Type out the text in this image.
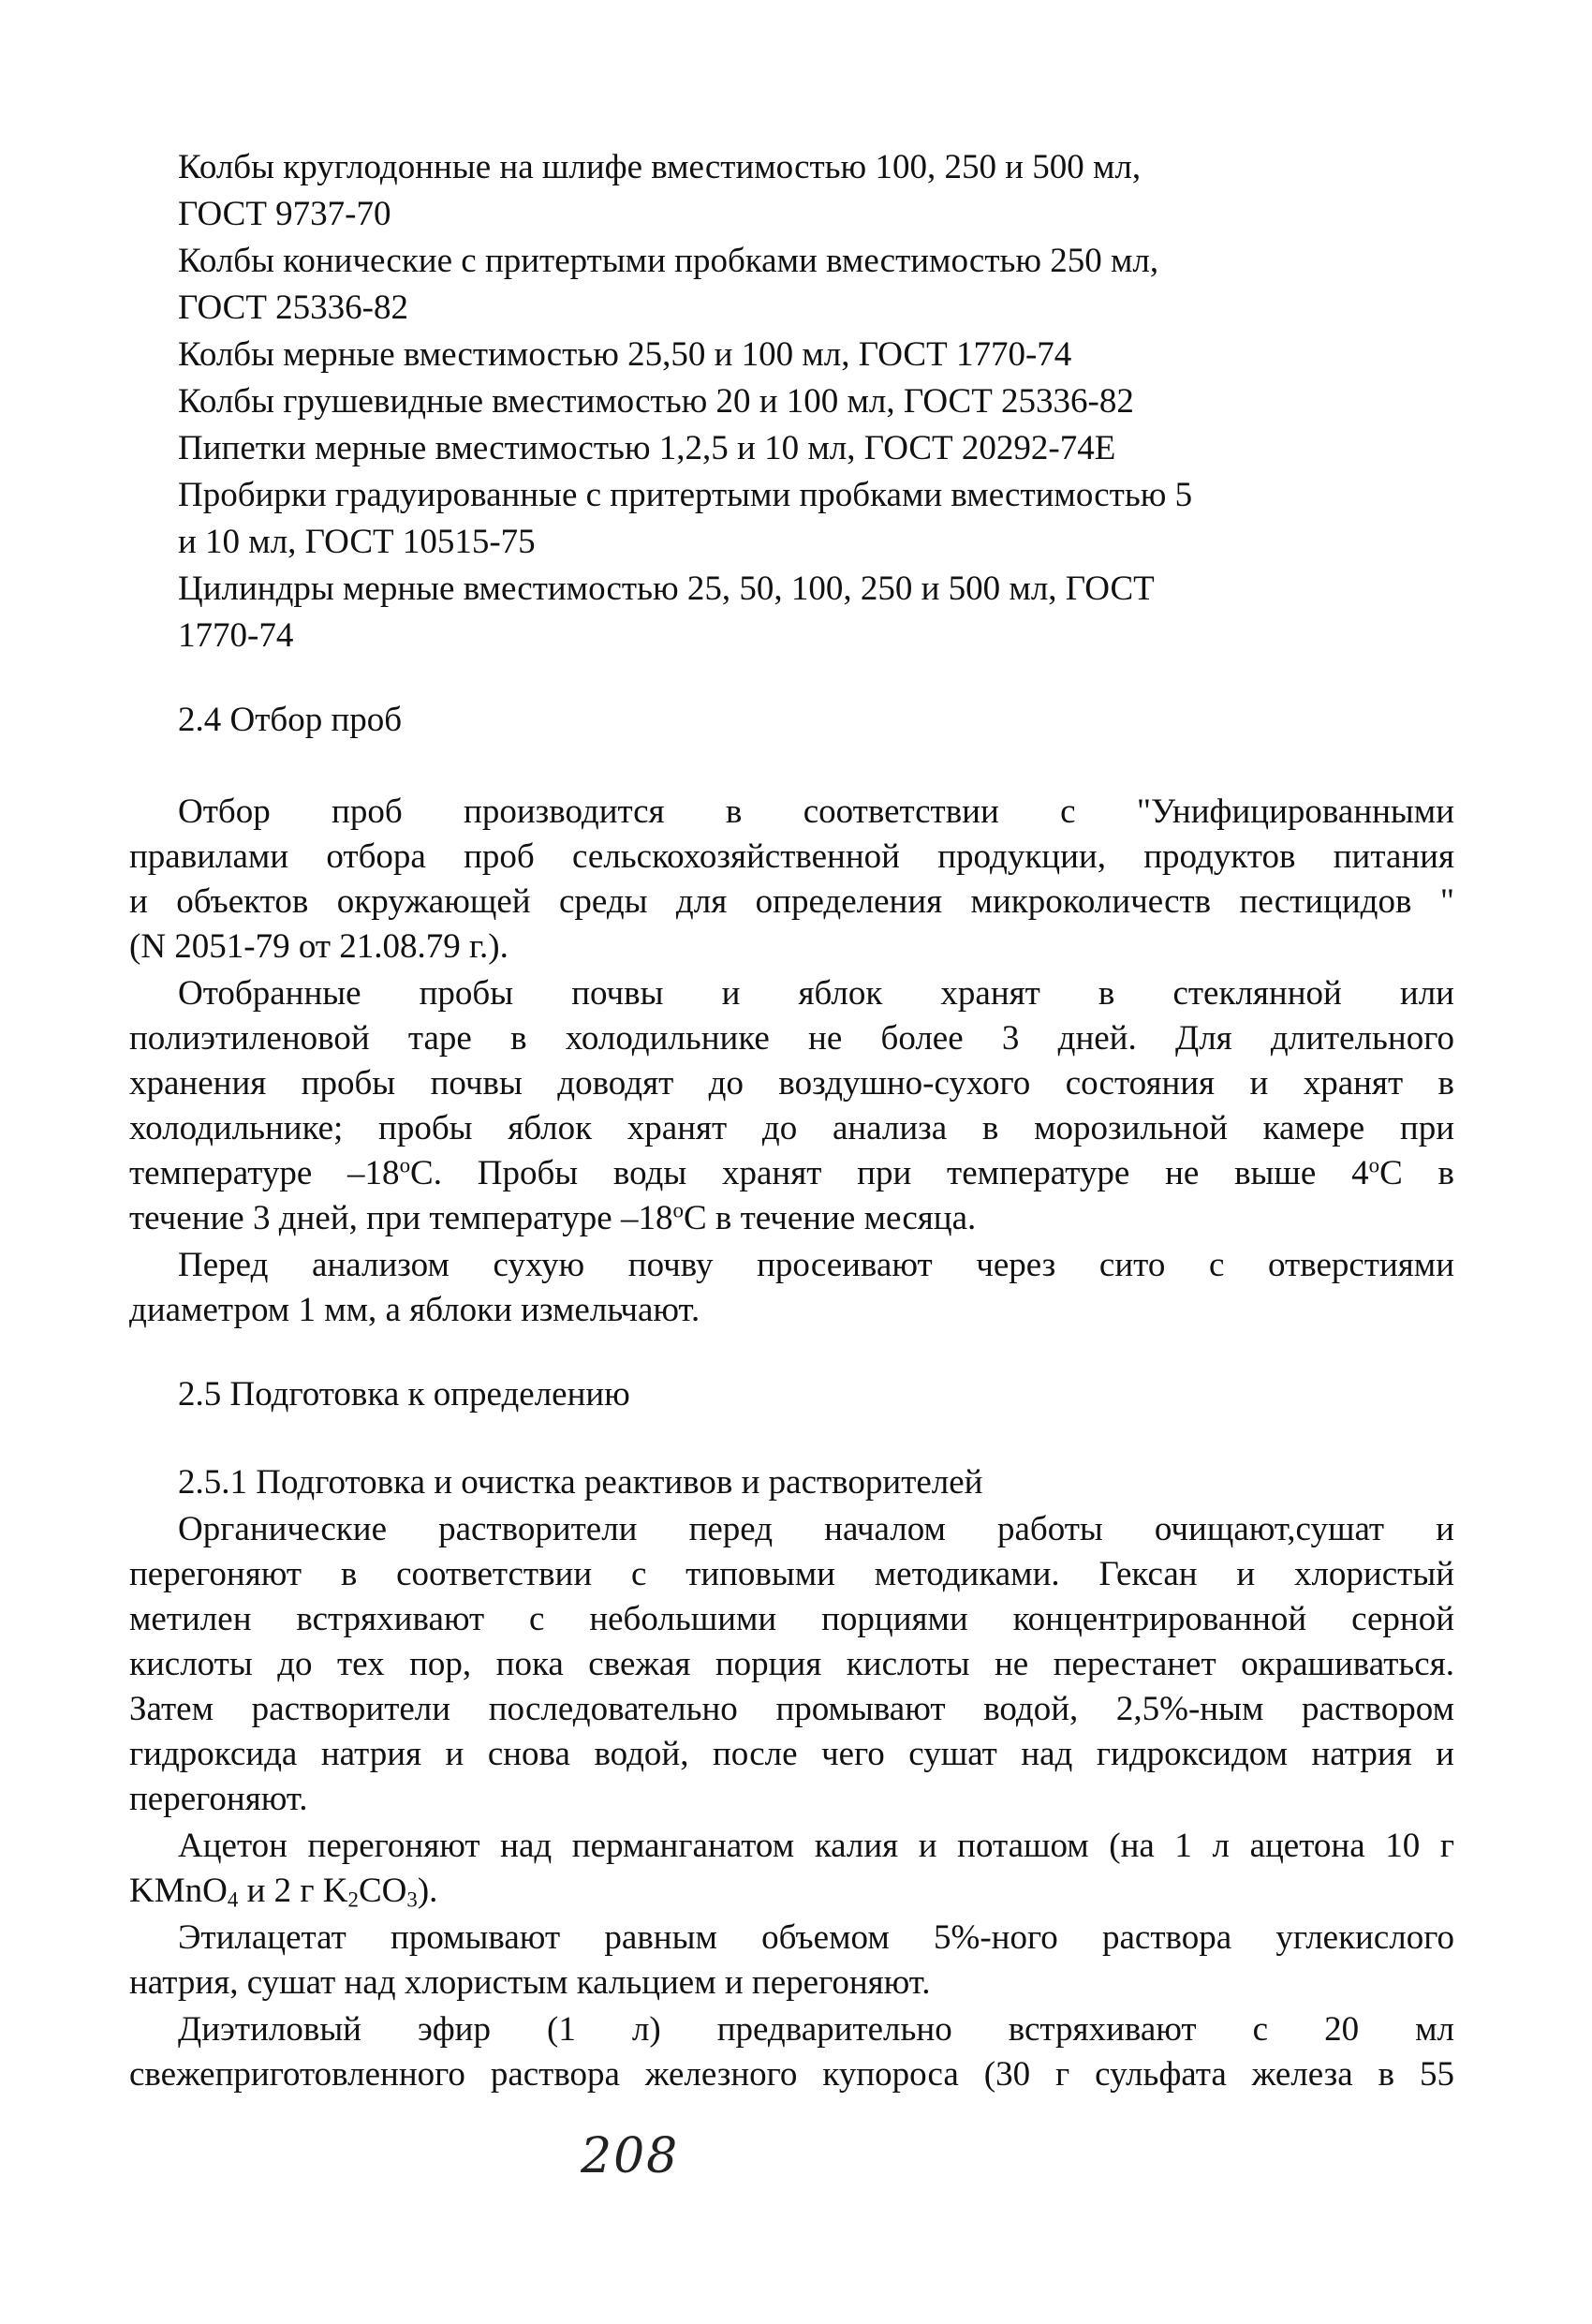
Колбы круглодонные на шлифе вместимостью 100, 250 и 500 мл,
ГОСТ 9737-70
Колбы конические с притертыми пробками вместимостью 250 мл,
ГОСТ 25336-82
Колбы мерные вместимостью 25,50 и 100 мл, ГОСТ 1770-74
Колбы грушевидные вместимостью 20 и 100 мл, ГОСТ 25336-82
Пипетки мерные вместимостью 1,2,5 и 10 мл, ГОСТ 20292-74Е
Пробирки градуированные с притертыми пробками вместимостью 5
и 10 мл, ГОСТ 10515-75
Цилиндры мерные вместимостью 25, 50, 100, 250 и 500 мл, ГОСТ
1770-74
2.4 Отбор проб
Отбор проб производится в соответствии с "Унифицированными
правилами отбора проб сельскохозяйственной продукции, продуктов питания
и объектов окружающей среды для определения микроколичеств пестицидов "
(N 2051-79 от 21.08.79 г.).
Отобранные пробы почвы и яблок хранят в стеклянной или
полиэтиленовой таре в холодильнике не более 3 дней. Для длительного
хранения пробы почвы доводят до воздушно-сухого состояния и хранят в
холодильнике; пробы яблок хранят до анализа в морозильной камере при
температуре –18$^o$С. Пробы воды хранят при температуре не выше 4$^o$С в
течение 3 дней, при температуре –18$^o$С в течение месяца.
Перед анализом сухую почву просеивают через сито с отверстиями
диаметром 1 мм, а яблоки измельчают.
2.5 Подготовка к определению
2.5.1 Подготовка и очистка реактивов и растворителей
Органические растворители перед началом работы очищают,сушат и
перегоняют в соответствии с типовыми методиками. Гексан и хлористый
метилен встряхивают с небольшими порциями концентрированной серной
кислоты до тех пор, пока свежая порция кислоты не перестанет окрашиваться.
Затем растворители последовательно промывают водой, 2,5%-ным раствором
гидроксида натрия и снова водой, после чего сушат над гидроксидом натрия и
перегоняют.
Ацетон перегоняют над перманганатом калия и поташом (на 1 л ацетона 10 г
KMnO$_4$ и 2 г $K_2CO_3$).
Этилацетат промывают равным объемом 5%-ного раствора углекислого
натрия, сушат над хлористым кальцием и перегоняют.
Диэтиловый эфир (1 л) предварительно встряхивают с 20 мл
свежеприготовленного раствора железного купороса (30 г сульфата железа в 55
208
